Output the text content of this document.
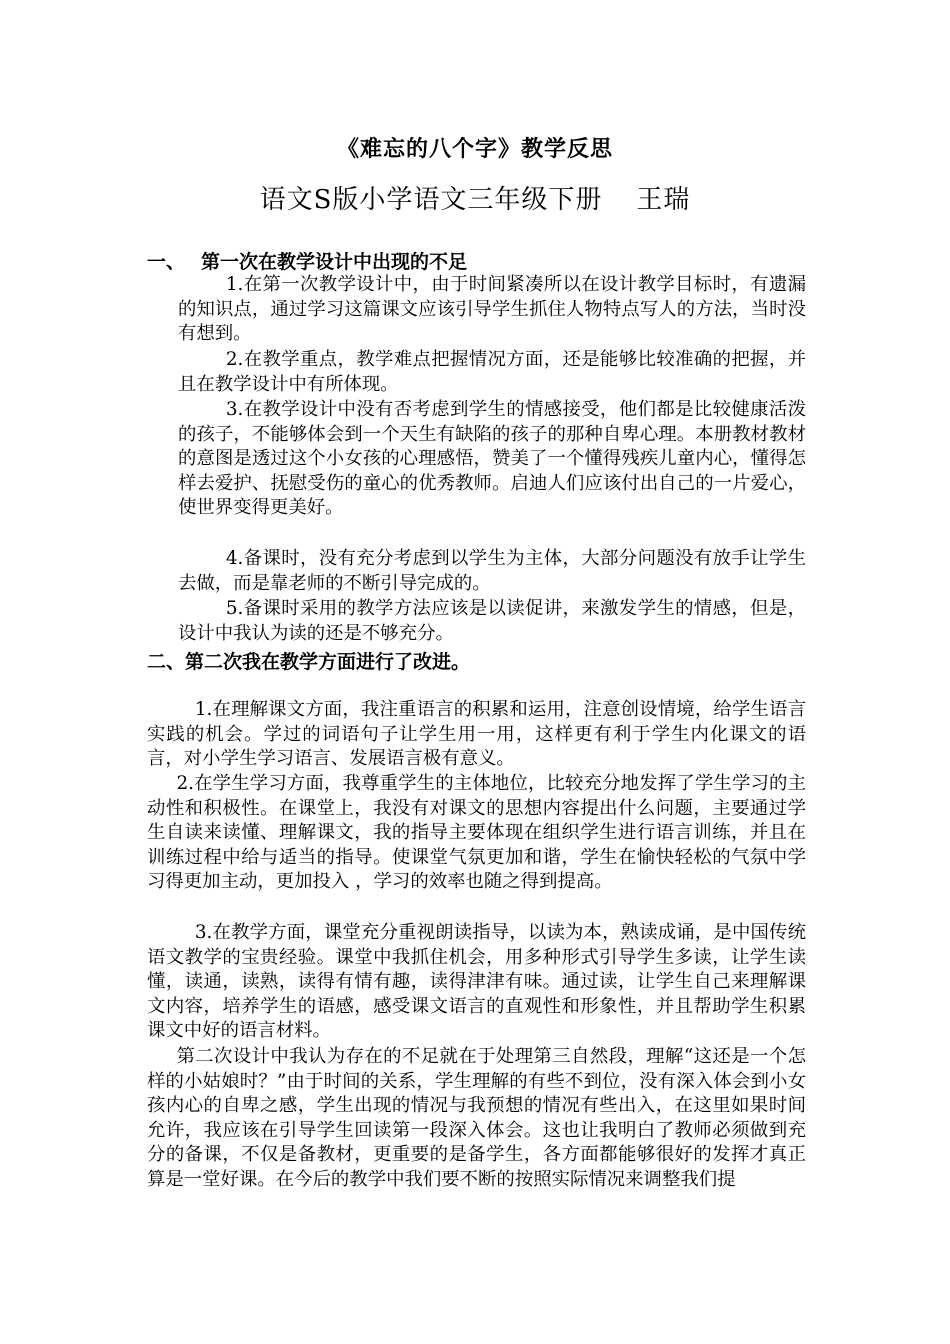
《难忘的八个字》教学反思
语文S版小学语文三年级下册 王瑞
一、 第一次在教学设计中出现的不足
1.在第一次教学设计中，由于时间紧凑所以在设计教学目标时，有遗漏的知识点，通过学习这篇课文应该引导学生抓住人物特点写人的方法，当时没有想到。
2.在教学重点，教学难点把握情况方面，还是能够比较准确的把握，并且在教学设计中有所体现。
3.在教学设计中没有否考虑到学生的情感接受，他们都是比较健康活泼的孩子，不能够体会到一个天生有缺陷的孩子的那种自卑心理。本册教材教材的意图是透过这个小女孩的心理感悟，赞美了一个懂得残疾儿童内心，懂得怎样去爱护、抚慰受伤的童心的优秀教师。启迪人们应该付出自己的一片爱心，使世界变得更美好。
4.备课时，没有充分考虑到以学生为主体，大部分问题没有放手让学生去做，而是靠老师的不断引导完成的。
5.备课时采用的教学方法应该是以读促讲，来激发学生的情感，但是，设计中我认为读的还是不够充分。
二、第二次我在教学方面进行了改进。
1.在理解课文方面，我注重语言的积累和运用，注意创设情境，给学生语言实践的机会。学过的词语句子让学生用一用，这样更有利于学生内化课文的语言，对小学生学习语言、发展语言极有意义。
2.在学生学习方面，我尊重学生的主体地位，比较充分地发挥了学生学习的主动性和积极性。在课堂上，我没有对课文的思想内容提出什么问题，主要通过学生自读来读懂、理解课文，我的指导主要体现在组织学生进行语言训练，并且在训练过程中给与适当的指导。使课堂气氛更加和谐，学生在愉快轻松的气氛中学习得更加主动，更加投入 ，学习的效率也随之得到提高。
3.在教学方面，课堂充分重视朗读指导，以读为本，熟读成诵，是中国传统语文教学的宝贵经验。课堂中我抓住机会，用多种形式引导学生多读，让学生读懂，读通，读熟，读得有情有趣，读得津津有味。通过读，让学生自己来理解课文内容，培养学生的语感，感受课文语言的直观性和形象性，并且帮助学生积累课文中好的语言材料。
第二次设计中我认为存在的不足就在于处理第三自然段，理解“这还是一个怎样的小姑娘时？”由于时间的关系，学生理解的有些不到位，没有深入体会到小女孩内心的自卑之感，学生出现的情况与我预想的情况有些出入，在这里如果时间允许，我应该在引导学生回读第一段深入体会。这也让我明白了教师必须做到充分的备课，不仅是备教材，更重要的是备学生，各方面都能够很好的发挥才真正算是一堂好课。在今后的教学中我们要不断的按照实际情况来调整我们提
